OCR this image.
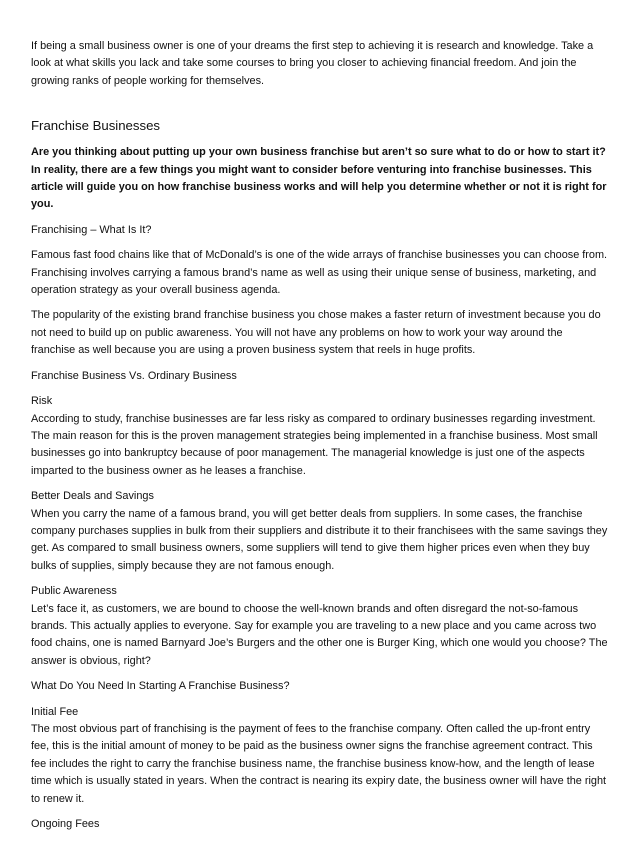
If being a small business owner is one of your dreams the first step to achieving it is research and knowledge. Take a look at what skills you lack and take some courses to bring you closer to achieving financial freedom. And join the growing ranks of people working for themselves.

Franchise Businesses

Are you thinking about putting up your own business franchise but aren’t so sure what to do or how to start it? In reality, there are a few things you might want to consider before venturing into franchise businesses. This article will guide you on how franchise business works and will help you determine whether or not it is right for you.

Franchising – What Is It?

Famous fast food chains like that of McDonald’s is one of the wide arrays of franchise businesses you can choose from. Franchising involves carrying a famous brand’s name as well as using their unique sense of business, marketing, and operation strategy as your overall business agenda.

The popularity of the existing brand franchise business you chose makes a faster return of investment because you do not need to build up on public awareness. You will not have any problems on how to work your way around the franchise as well because you are using a proven business system that reels in huge profits.

Franchise Business Vs. Ordinary Business

Risk
According to study, franchise businesses are far less risky as compared to ordinary businesses regarding investment. The main reason for this is the proven management strategies being implemented in a franchise business. Most small businesses go into bankruptcy because of poor management. The managerial knowledge is just one of the aspects imparted to the business owner as he leases a franchise.

Better Deals and Savings
When you carry the name of a famous brand, you will get better deals from suppliers. In some cases, the franchise company purchases supplies in bulk from their suppliers and distribute it to their franchisees with the same savings they get. As compared to small business owners, some suppliers will tend to give them higher prices even when they buy bulks of supplies, simply because they are not famous enough.

Public Awareness
Let’s face it, as customers, we are bound to choose the well-known brands and often disregard the not-so-famous brands. This actually applies to everyone. Say for example you are traveling to a new place and you came across two food chains, one is named Barnyard Joe’s Burgers and the other one is Burger King, which one would you choose? The answer is obvious, right?

What Do You Need In Starting A Franchise Business?

Initial Fee
The most obvious part of franchising is the payment of fees to the franchise company. Often called the up-front entry fee, this is the initial amount of money to be paid as the business owner signs the franchise agreement contract. This fee includes the right to carry the franchise business name, the franchise business know-how, and the length of lease time which is usually stated in years. When the contract is nearing its expiry date, the business owner will have the right to renew it.

Ongoing Fees
